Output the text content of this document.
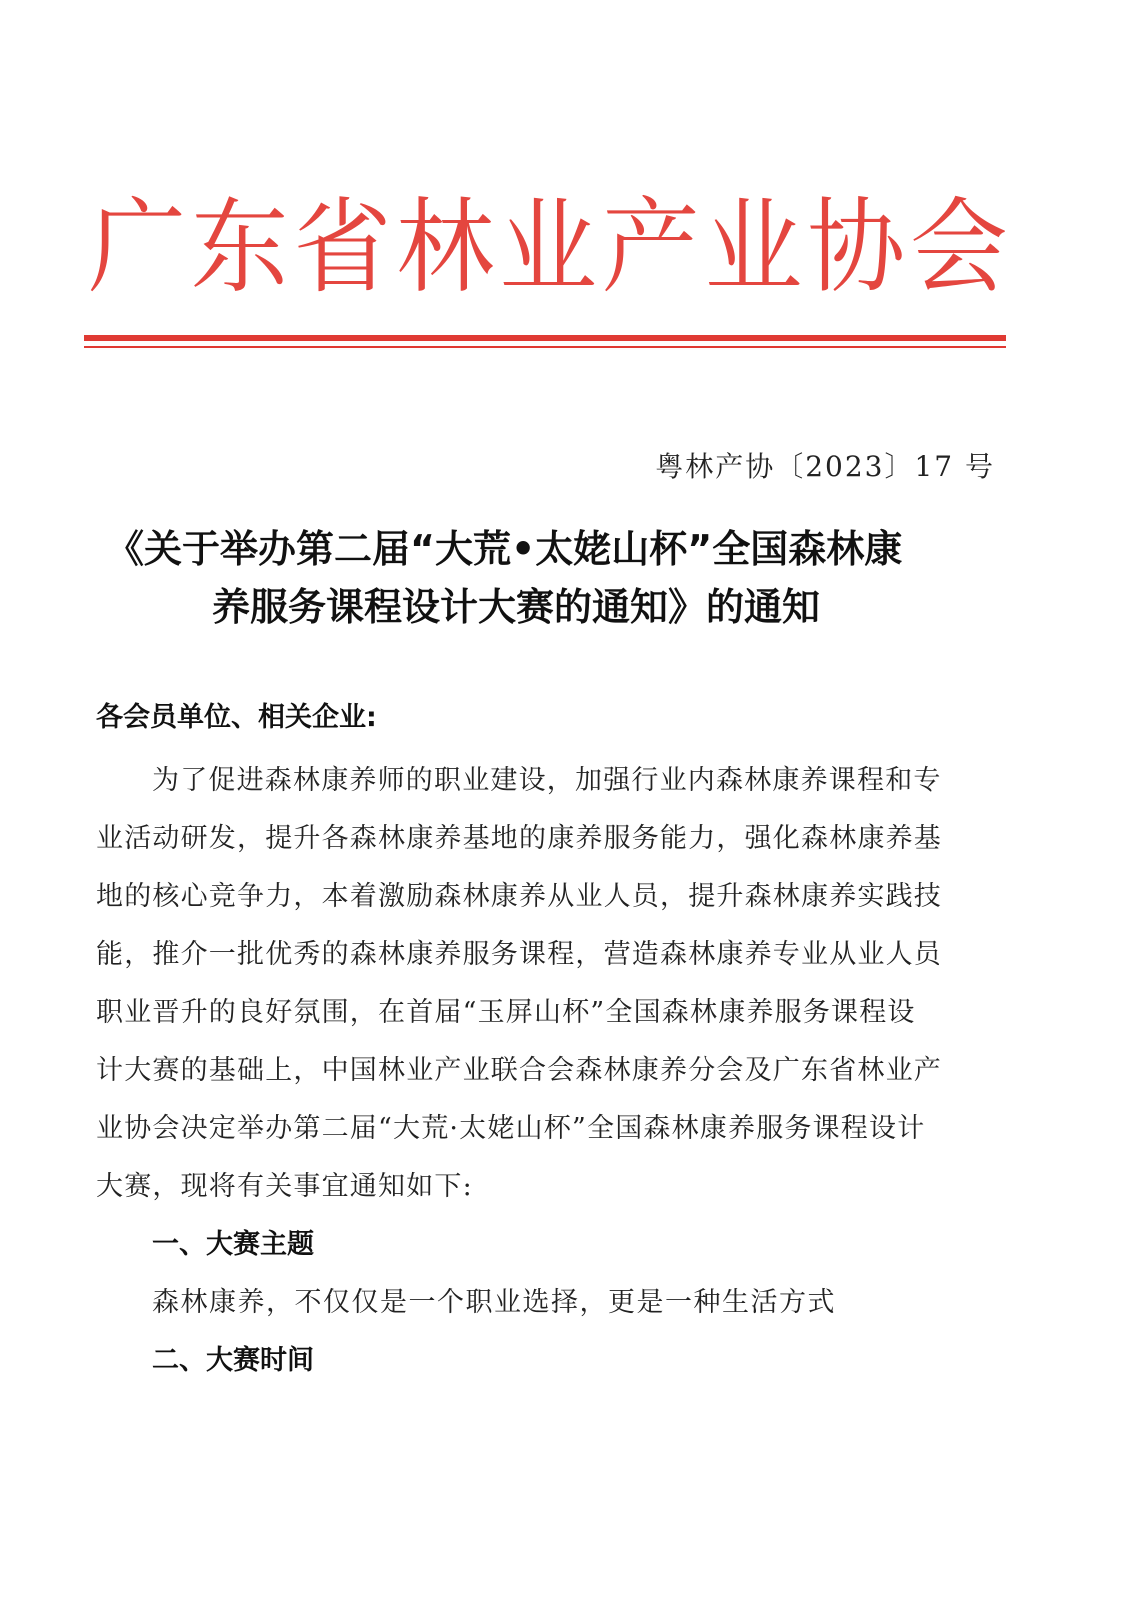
广 东 省 林 业 产 业 协 会
粤林产协〔2023〕17 号
《关于举办第二届“大荒•太姥山杯”全国森林康
养服务课程设计大赛的通知》的通知
各会员单位、相关企业:
为了促进森林康养师的职业建设，加强行业内森林康养课程和专
业活动研发，提升各森林康养基地的康养服务能力，强化森林康养基
地的核心竞争力，本着激励森林康养从业人员，提升森林康养实践技
能，推介一批优秀的森林康养服务课程，营造森林康养专业从业人员
职业晋升的良好氛围，在首届“玉屏山杯”全国森林康养服务课程设
计大赛的基础上，中国林业产业联合会森林康养分会及广东省林业产
业协会决定举办第二届“大荒·太姥山杯”全国森林康养服务课程设计
大赛，现将有关事宜通知如下:
一、大赛主题
森林康养，不仅仅是一个职业选择，更是一种生活方式
二、大赛时间
